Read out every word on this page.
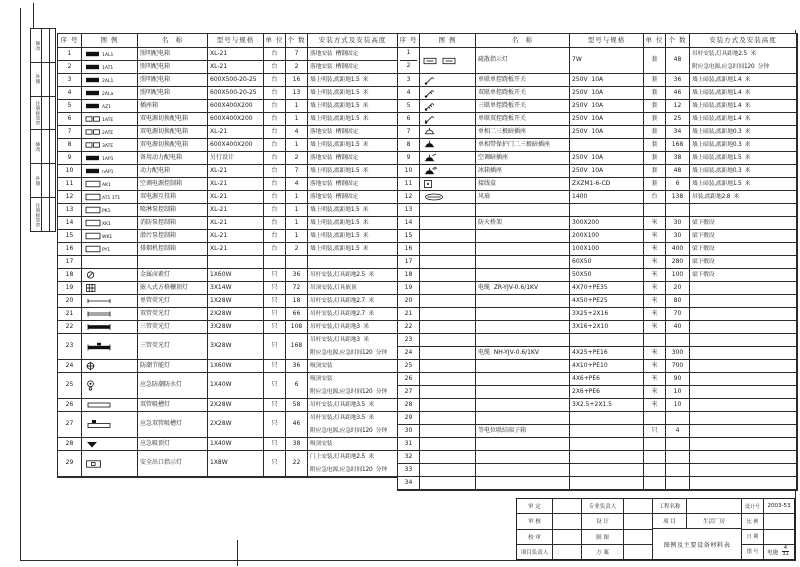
修改
补图
注册师签章
修改
补图
注册师签章
序 号	图 例	名  称	型号与规格	单 位 个 数	安装方式及安装高度
1	1AL1	照明配电箱	XL-21	台	7	落地安装  槽钢固定
2	1AT1	照明配电箱	XL-21	台	2	落地安装  槽钢固定
3	2AL1	照明配电箱	600X500-20-25	台	16	墙上明装,底距地1.5  米
4	2ALa	照明配电箱	600X500-20-25	台	13	墙上明装,底距地1.5  米
5	AZ1	插座箱	600X400X200	台	1	墙上明装,底距地1.5  米
6	1ATE	双电源切换配电箱	600X400X200	台	1	墙上明装,底距地1.5  米
7	2ATE	双电源切换配电箱	XL-21	台	4	落地安装  槽钢固定
8	3ATE	双电源切换配电箱	600X400X200	台	1	墙上明装,底距地1.5  米
9	1AP1	备用动力配电箱	另行设计	台	2	落地安装  槽钢固定
10	nAP1	动力配电箱	XL-21	台	7	墙上明装,底距地1.5  米
11	AK1	空调电源控制箱	XL-21	台	4	落地安装  槽钢固定
12	AT1 1T1	双电源互投箱	XL-21	台	1	落地安装  槽钢固定
13	PK1	喷淋泵控制箱	XL-21	台	1	墙上明装,底距地1.5  米
14	XK1	消防泵控制箱	XL-21	台	1	墙上明装,底距地1.5  米
15	WK1	潜污泵控制箱	XL-21	台	1	墙上明装,底距地1.5  米
16	PY1	排烟机控制箱	XL-21	台	2	墙上明装,底距地1.5  米
17
18	金属卤素灯	1X60W	只	36	吊杆安装,灯具距地2.5  米
19	嵌入式方格栅顶灯	3X14W	只	72	吊顶安装,灯具嵌顶
20	单管荧光灯	1X28W	只	18	吊杆安装,灯具距地2.7  米
21	双管荧光灯	2X28W	只	66	吊杆安装,灯具距地2.7  米
22	三管荧光灯	3X28W	只	108	吊杆安装,灯具距地3  米
23	三管荧光灯	3X28W	只	168
吊杆安装,灯具距地3  米
附应急电源,应急时间120  分钟
24	防潮节能灯	1X60W	只	36	吸顶安装
25	应急防潮防水灯	1X40W	只	6
吸顶安装
附应急电源,应急时间120  分钟
26	双管吸槽灯	2X28W	只	58	吊杆安装,灯具距地3.5  米
27	应急双管吸槽灯	2X28W	只	46
吊杆安装,灯具距地3.5  米
附应急电源,应急时间120  分钟
28	应急吸顶灯	1X40W	只	38	吸顶安装
29	安全出口指示灯	1X8W	只	22
门上安装,灯具距地2.5  米
附应急电源,应急时间120  分钟
序 号	图 例	名  称	型号与规格	单 位 个 数	安装方式及安装高度
1
2
疏散指示灯	7W	套	48
吊杆安装,灯具距地2.5  米
附应急电源,应急时间120  分钟
3	单联单控跷板开关	250V  10A	套	36	墙上暗装,底距地1.4  米
4	双联单控跷板开关	250V  10A	套	46	墙上暗装,底距地1.4  米
5	三联单控跷板开关	250V  10A	套	12	墙上暗装,底距地1.4  米
6	单联双控跷板开关	250V  10A	套	25	墙上暗装,底距地1.4  米
7	单相二三极暗插座	250V  10A	套	34	墙上暗装,底距地0.3  米
8	单相带保护门二三极暗插座	套	168	墙上暗装,底距地0.3  米
9	空调暗插座	250V  10A	套	38	墙上暗装,底距地1.5  米
10	冰箱插座	250V  10A	套	48	墙上暗装,底距地0.3  米
11	接线盒	ZXZM1-6-CD	套	6	墙上暗装,底距地1.5  米
12	风扇	1400	台	138	吊装,底距地2.8  米
13
14	防火桥架	300X200	米	30	梁下敷设
15	200X100	米	30	梁下敷设
16	100X100	米	400	梁下敷设
17	60X50	米	280	梁下敷设
18	50X50	米	100	梁下敷设
19	电缆  ZR-YJV-0.6/1KV	4X70+PE35	米	20
20	4X50+PE25	米	80
21	3X25+2X16	米	70
22	3X16+2X10	米	40
23
24	电缆  NH-YJV-0.6/1KV	4X25+PE16	米	300
25	4X10+PE10	米	700
26	4X6+PE6	米	90
27	2X6+PE6	米	10
28	3X2.5+2X1.5	米	10
29
30	等电位联结端子箱	只	4
31
32
33
34
审 定
审 核
校 审
项目负责人
专业负责人
设 计
制 图
方 案
工程名称
项 目	生活厂房
图例及主要设备材料表
设计号	2003-53
比 例
日 期
图 号	电施 $\frac{4}{31}$
